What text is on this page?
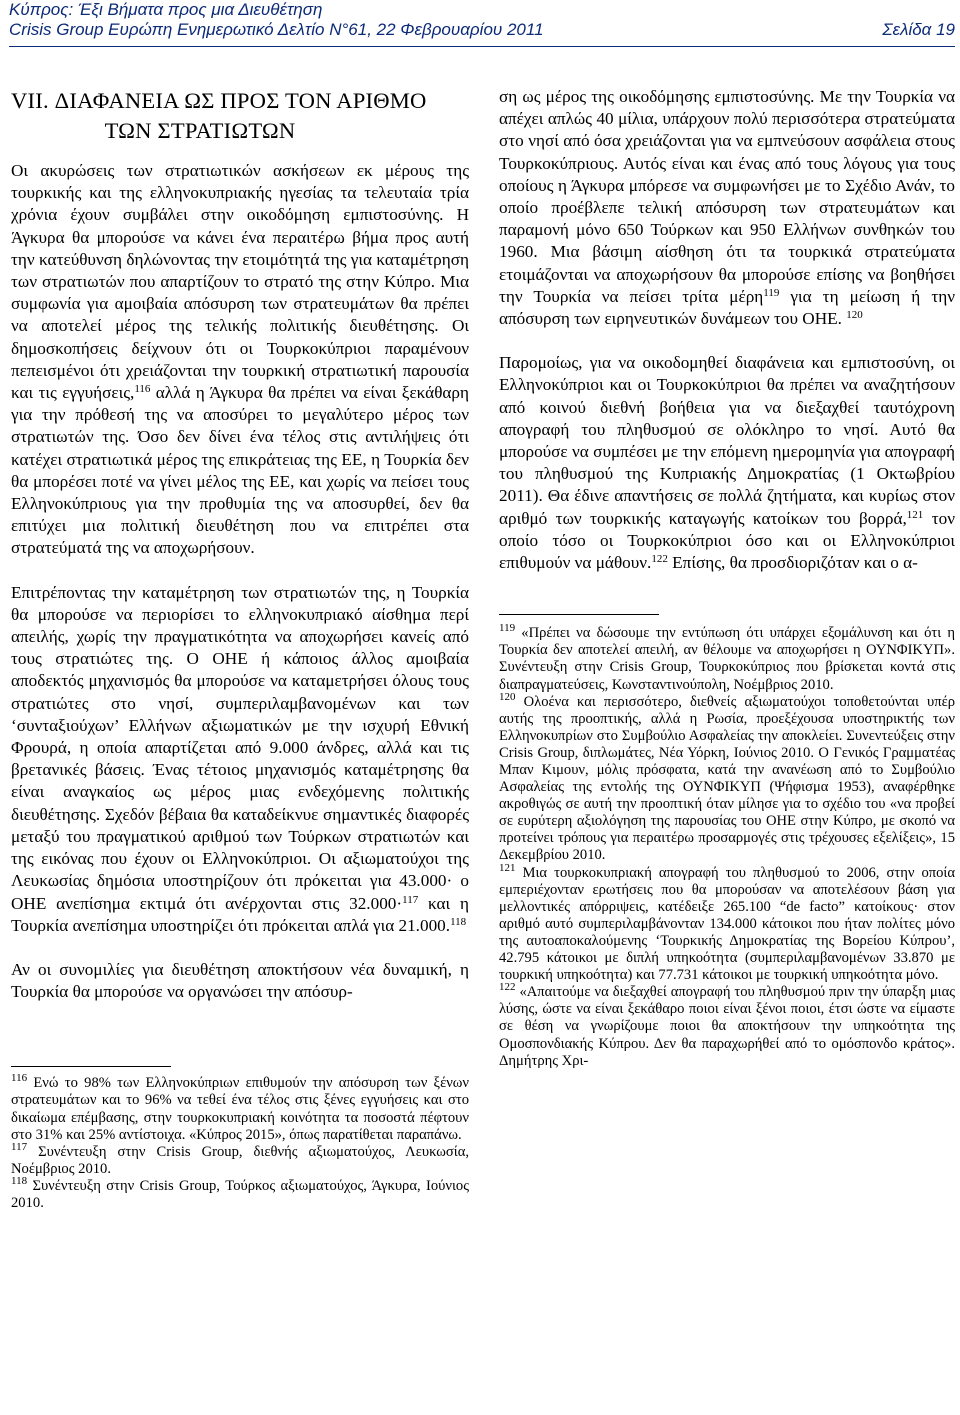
Κύπρος: Έξι Βήματα προς μια Διευθέτηση
Crisis Group Ευρώπη Ενημερωτικό Δελτίο N°61, 22 Φεβρουαρίου 2011	Σελίδα 19
VII. ΔΙΑΦΑΝΕΙΑ ΩΣ ΠΡΟΣ ΤΟΝ ΑΡΙΘΜΟ
ΤΩΝ ΣΤΡΑΤΙΩΤΩΝ

Οι ακυρώσεις των στρατιωτικών ασκήσεων εκ μέρους της τουρκικής και της ελληνοκυπριακής ηγεσίας τα τελευταία τρία χρόνια έχουν συμβάλει στην οικοδόμηση εμπιστοσύνης. Η Άγκυρα θα μπορούσε να κάνει ένα περαιτέρω βήμα προς αυτή την κατεύθυνση δηλώνοντας την ετοιμότητά της για καταμέτρηση των στρατιωτών που απαρτίζουν το στρατό της στην Κύπρο. Μια συμφωνία για αμοιβαία απόσυρση των στρατευμάτων θα πρέπει να αποτελεί μέρος της τελικής πολιτικής διευθέτησης. Οι δημοσκοπήσεις δείχνουν ότι οι Τουρκοκύπριοι παραμένουν πεπεισμένοι ότι χρειάζονται την τουρκική στρατιωτική παρουσία και τις εγγυήσεις,$^{116}$ αλλά η Άγκυρα θα πρέπει να είναι ξεκάθαρη για την πρόθεσή της να αποσύρει το μεγαλύτερο μέρος των στρατιωτών της. Όσο δεν δίνει ένα τέλος στις αντιλήψεις ότι κατέχει στρατιωτικά μέρος της επικράτειας της ΕΕ, η Τουρκία δεν θα μπορέσει ποτέ να γίνει μέλος της ΕΕ, και χωρίς να πείσει τους Ελληνοκύπριους για την προθυμία της να αποσυρθεί, δεν θα επιτύχει μια πολιτική διευθέτηση που να επιτρέπει στα στρατεύματά της να αποχωρήσουν.

Επιτρέποντας την καταμέτρηση των στρατιωτών της, η Τουρκία θα μπορούσε να περιορίσει το ελληνοκυπριακό αίσθημα περί απειλής, χωρίς την πραγματικότητα να αποχωρήσει κανείς από τους στρατιώτες της. Ο ΟΗΕ ή κάποιος άλλος αμοιβαία αποδεκτός μηχανισμός θα μπορούσε να καταμετρήσει όλους τους στρατιώτες στο νησί, συμπεριλαμβανομένων και των ‘συνταξιούχων’ Ελλήνων αξιωματικών με την ισχυρή Εθνική Φρουρά, η οποία απαρτίζεται από 9.000 άνδρες, αλλά και τις βρετανικές βάσεις. Ένας τέτοιος μηχανισμός καταμέτρησης θα είναι αναγκαίος ως μέρος μιας ενδεχόμενης πολιτικής διευθέτησης. Σχεδόν βέβαια θα καταδείκνυε σημαντικές διαφορές μεταξύ του πραγματικού αριθμού των Τούρκων στρατιωτών και της εικόνας που έχουν οι Ελληνοκύπριοι. Οι αξιωματούχοι της Λευκωσίας δημόσια υποστηρίζουν ότι πρόκειται για 43.000· ο ΟΗΕ ανεπίσημα εκτιμά ότι ανέρχονται στις 32.000·$^{117}$ και η Τουρκία ανεπίσημα υποστηρίζει ότι πρόκειται απλά για 21.000.$^{118}$

Αν οι συνομιλίες για διευθέτηση αποκτήσουν νέα δυναμική, η Τουρκία θα μπορούσε να οργανώσει την απόσυρ-

$^{116}$ Ενώ το 98% των Ελληνοκύπριων επιθυμούν την απόσυρση των ξένων στρατευμάτων και το 96% να τεθεί ένα τέλος στις ξένες εγγυήσεις και στο δικαίωμα επέμβασης, στην τουρκοκυπριακή κοινότητα τα ποσοστά πέφτουν στο 31% και 25% αντίστοιχα. «Κύπρος 2015», όπως παρατίθεται παραπάνω.

$^{117}$ Συνέντευξη στην Crisis Group, διεθνής αξιωματούχος, Λευκωσία, Νοέμβριος 2010.

$^{118}$ Συνέντευξη στην Crisis Group, Τούρκος αξιωματούχος, Άγκυρα, Ιούνιος 2010.

ση ως μέρος της οικοδόμησης εμπιστοσύνης. Με την Τουρκία να απέχει απλώς 40 μίλια, υπάρχουν πολύ περισσότερα στρατεύματα στο νησί από όσα χρειάζονται για να εμπνεύσουν ασφάλεια στους Τουρκοκύπριους. Αυτός είναι και ένας από τους λόγους για τους οποίους η Άγκυρα μπόρεσε να συμφωνήσει με το Σχέδιο Ανάν, το οποίο προέβλεπε τελική απόσυρση των στρατευμάτων και παραμονή μόνο 650 Τούρκων και 950 Ελλήνων συνθηκών του 1960. Μια βάσιμη αίσθηση ότι τα τουρκικά στρατεύματα ετοιμάζονται να αποχωρήσουν θα μπορούσε επίσης να βοηθήσει την Τουρκία να πείσει τρίτα μέρη$^{119}$ για τη μείωση ή την απόσυρση των ειρηνευτικών δυνάμεων του ΟΗΕ. $^{120}$

Παρομοίως, για να οικοδομηθεί διαφάνεια και εμπιστοσύνη, οι Ελληνοκύπριοι και οι Τουρκοκύπριοι θα πρέπει να αναζητήσουν από κοινού διεθνή βοήθεια για να διεξαχθεί ταυτόχρονη απογραφή του πληθυσμού σε ολόκληρο το νησί. Αυτό θα μπορούσε να συμπέσει με την επόμενη ημερομηνία για απογραφή του πληθυσμού της Κυπριακής Δημοκρατίας (1 Οκτωβρίου 2011). Θα έδινε απαντήσεις σε πολλά ζητήματα, και κυρίως στον αριθμό των τουρκικής καταγωγής κατοίκων του βορρά,$^{121}$ τον οποίο τόσο οι Τουρκοκύπριοι όσο και οι Ελληνοκύπριοι επιθυμούν να μάθουν.$^{122}$ Επίσης, θα προσδιοριζόταν και ο α-

$^{119}$ «Πρέπει να δώσουμε την εντύπωση ότι υπάρχει εξομάλυνση και ότι η Τουρκία δεν αποτελεί απειλή, αν θέλουμε να αποχωρήσει η ΟΥΝΦΙΚΥΠ». Συνέντευξη στην Crisis Group, Τουρκοκύπριος που βρίσκεται κοντά στις διαπραγματεύσεις, Κωνσταντινούπολη, Νοέμβριος 2010.

$^{120}$ Ολοένα και περισσότερο, διεθνείς αξιωματούχοι τοποθετούνται υπέρ αυτής της προοπτικής, αλλά η Ρωσία, προεξέχουσα υποστηρικτής των Ελληνοκυπρίων στο Συμβούλιο Ασφαλείας την αποκλείει. Συνεντεύξεις στην Crisis Group, διπλωμάτες, Νέα Υόρκη, Ιούνιος 2010. Ο Γενικός Γραμματέας Μπαν Κιμουν, μόλις πρόσφατα, κατά την ανανέωση από το Συμβούλιο Ασφαλείας της εντολής της ΟΥΝΦΙΚΥΠ (Ψήφισμα 1953), αναφέρθηκε ακροθιγώς σε αυτή την προοπτική όταν μίλησε για το σχέδιο του «να προβεί σε ευρύτερη αξιολόγηση της παρουσίας του ΟΗΕ στην Κύπρο, με σκοπό να προτείνει τρόπους για περαιτέρω προσαρμογές στις τρέχουσες εξελίξεις», 15 Δεκεμβρίου 2010.

$^{121}$ Μια τουρκοκυπριακή απογραφή του πληθυσμού το 2006, στην οποία εμπεριέχονταν ερωτήσεις που θα μπορούσαν να αποτελέσουν βάση για μελλοντικές απόρριψεις, κατέδειξε 265.100 “de facto” κατοίκους· στον αριθμό αυτό συμπεριλαμβάνονταν 134.000 κάτοικοι που ήταν πολίτες μόνο της αυτοαποκαλούμενης ‘Τουρκικής Δημοκρατίας της Βορείου Κύπρου’, 42.795 κάτοικοι με διπλή υπηκοότητα (συμπεριλαμβανομένων 33.870 με τουρκική υπηκοότητα) και 77.731 κάτοικοι με τουρκική υπηκοότητα μόνο.

$^{122}$ «Απαιτούμε να διεξαχθεί απογραφή του πληθυσμού πριν την ύπαρξη μιας λύσης, ώστε να είναι ξεκάθαρο ποιοι είναι ξένοι ποιοι, έτσι ώστε να είμαστε σε θέση να γνωρίζουμε ποιοι θα αποκτήσουν την υπηκοότητα της Ομοσπονδιακής Κύπρου. Δεν θα παραχωρήθεί από το ομόσπονδο κράτος». Δημήτρης Χρι-
